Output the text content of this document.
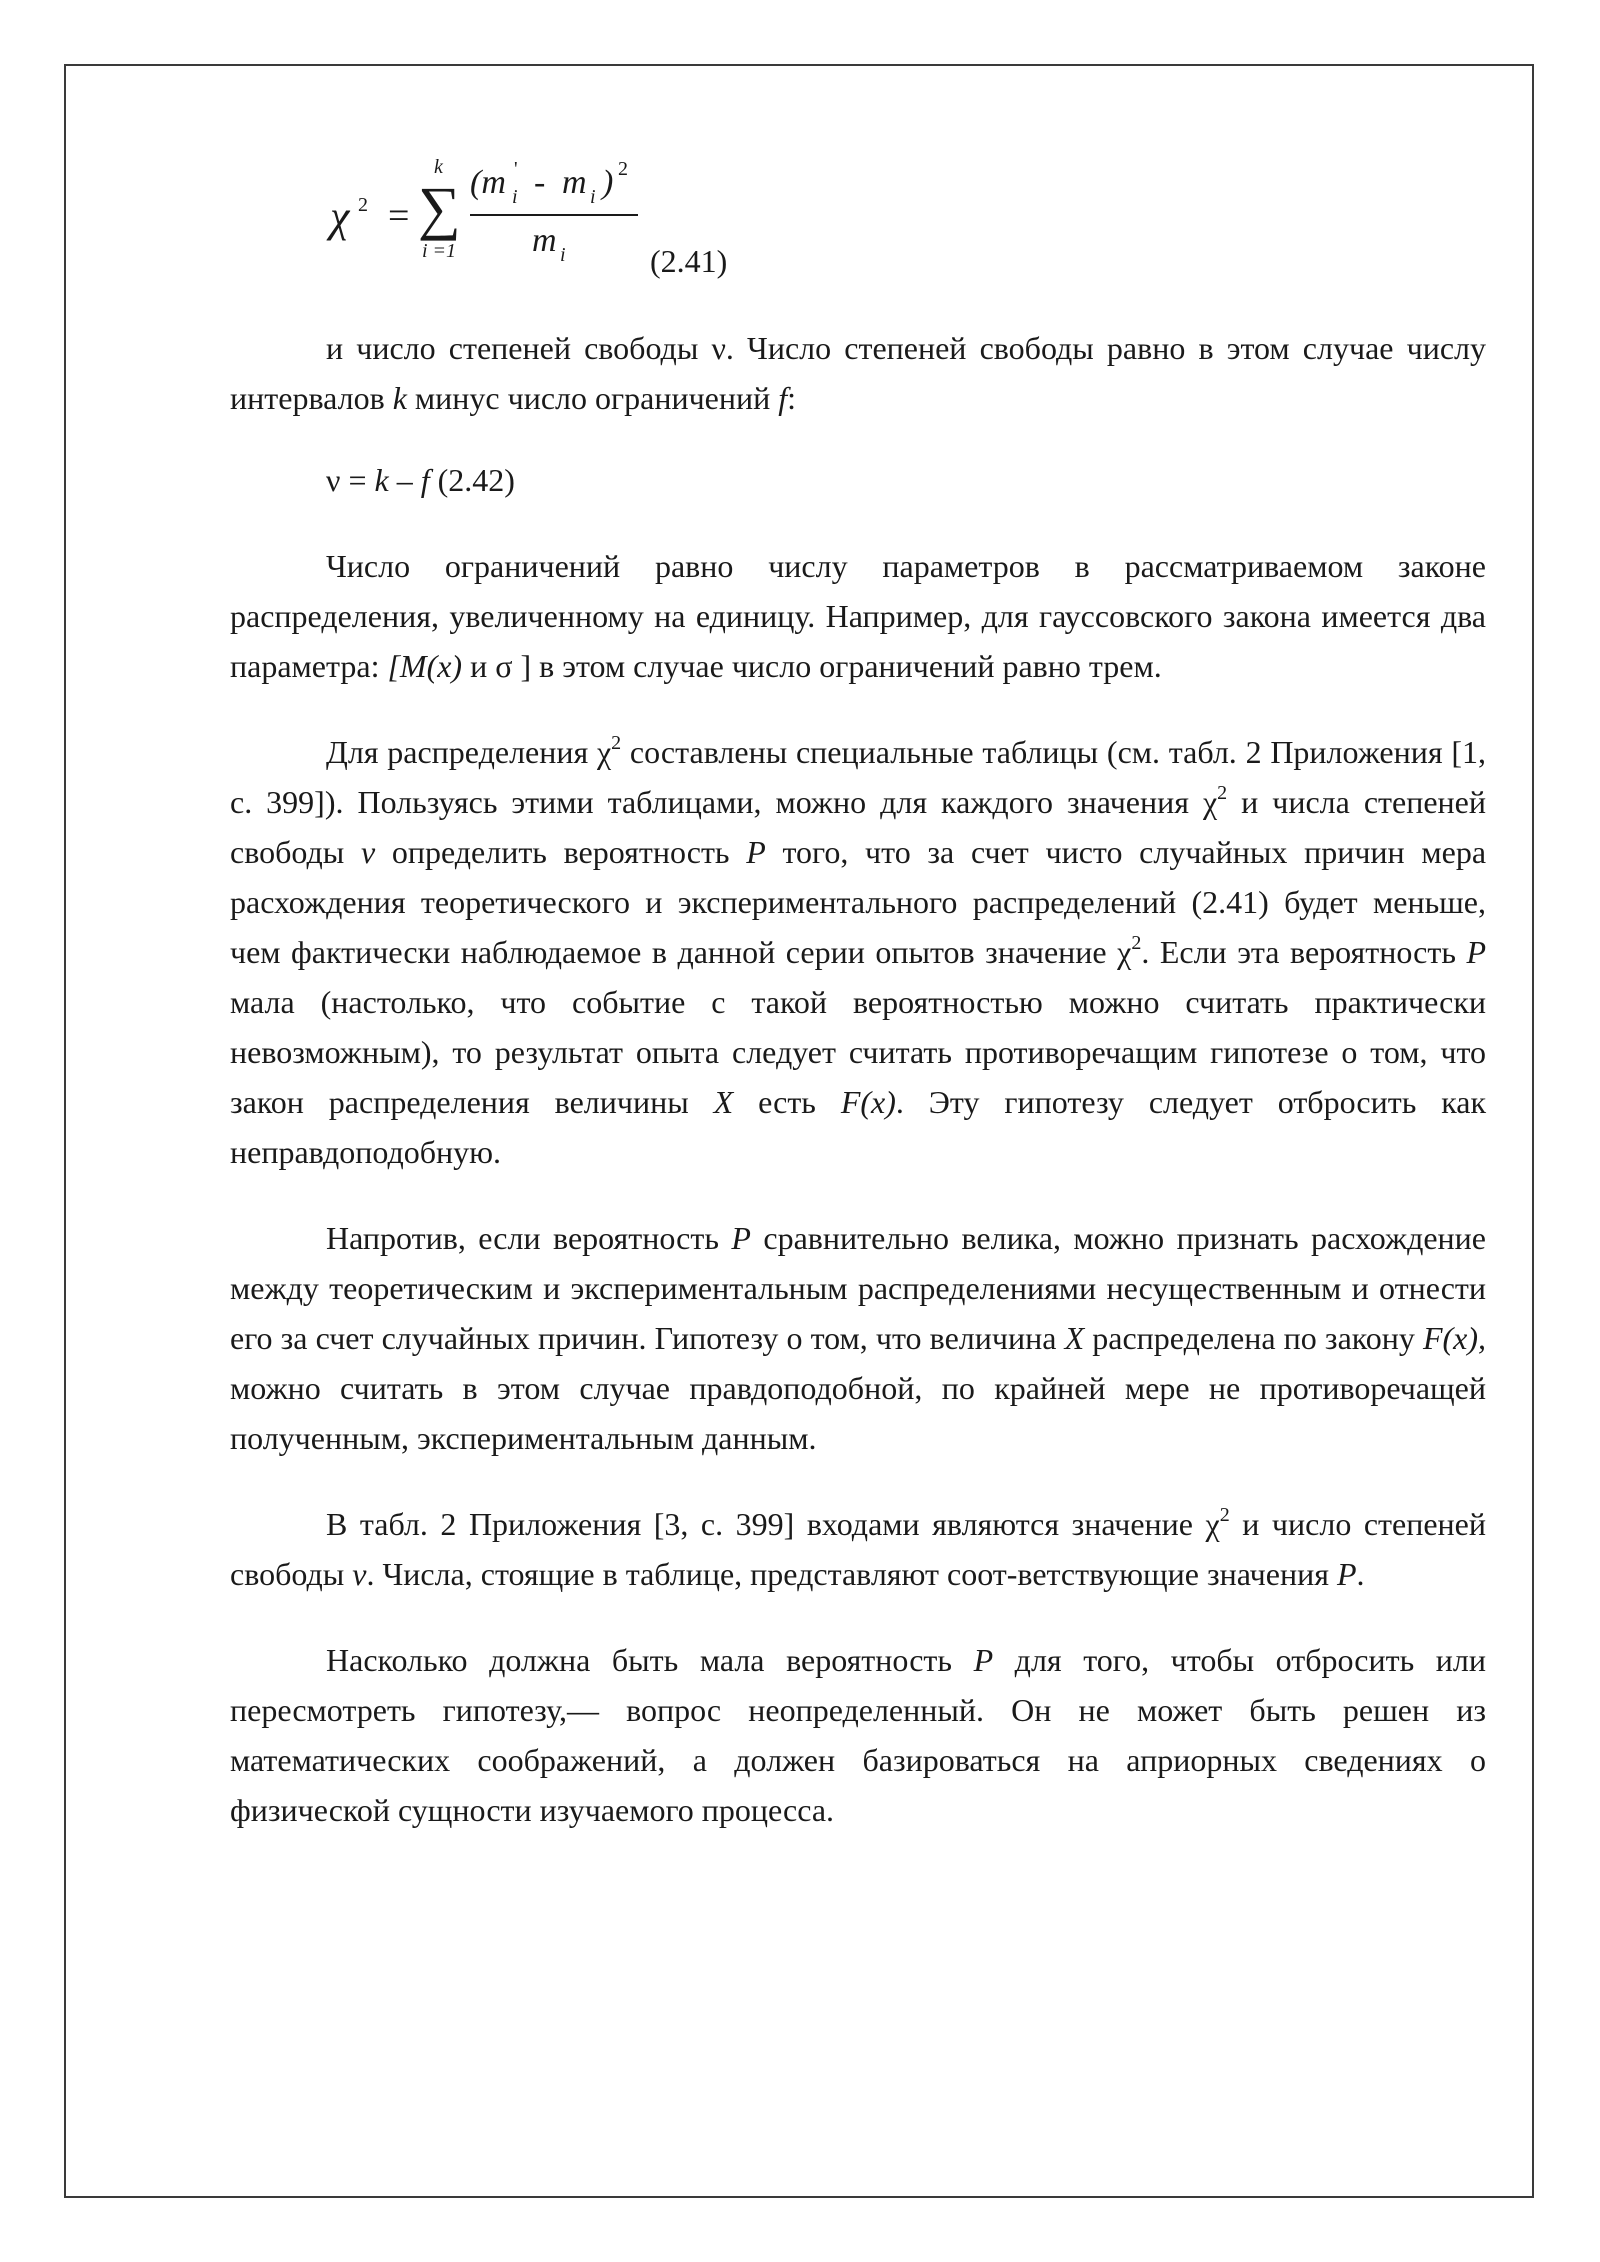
χ 2 = ∑
k
i =1
(m i
' - m i ) 2
m i	(2.41)

и число степеней свободы ν. Число степеней свободы равно в этом случае числу интервалов k минус число ограничений f:

ν = k – f (2.42)

Число ограничений равно числу параметров в рассматриваемом законе распределения, увеличенному на единицу. Например, для гауссовского закона имеется два параметра: [M(x) и σ ] в этом случае число ограничений равно трем.

Для распределения $\chi^2$ составлены специальные таблицы (см. табл. 2 Приложения [1, с. 399]). Пользуясь этими таблицами, можно для каждого значения $\chi^2$ и числа степеней свободы v определить вероятность P того, что за счет чисто случайных причин мера расхождения теоретического и экспериментального распределений (2.41) будет меньше, чем фактически наблюдаемое в данной серии опытов значение $\chi^2$. Если эта вероятность P мала (настолько, что событие с такой вероятностью можно считать практически невозможным), то результат опыта следует считать противоречащим гипотезе о том, что закон распределения величины X есть F(x). Эту гипотезу следует отбросить как неправдоподобную.

Напротив, если вероятность P сравнительно велика, можно признать расхождение между теоретическим и экспериментальным распределениями несущественным и отнести его за счет случайных причин. Гипотезу о том, что величина X распределена по закону F(x), можно считать в этом случае правдоподобной, по крайней мере не противоречащей полученным, экспериментальным данным.

В табл. 2 Приложения [3, с. 399] входами являются значение $\chi^2$ и число степеней свободы v. Числа, стоящие в таблице, представляют соот-ветствующие значения P.

Насколько должна быть мала вероятность P для того, чтобы отбросить или пересмотреть гипотезу,— вопрос неопределенный. Он не может быть решен из математических соображений, а должен базироваться на априорных сведениях о физической сущности изучаемого процесса.
